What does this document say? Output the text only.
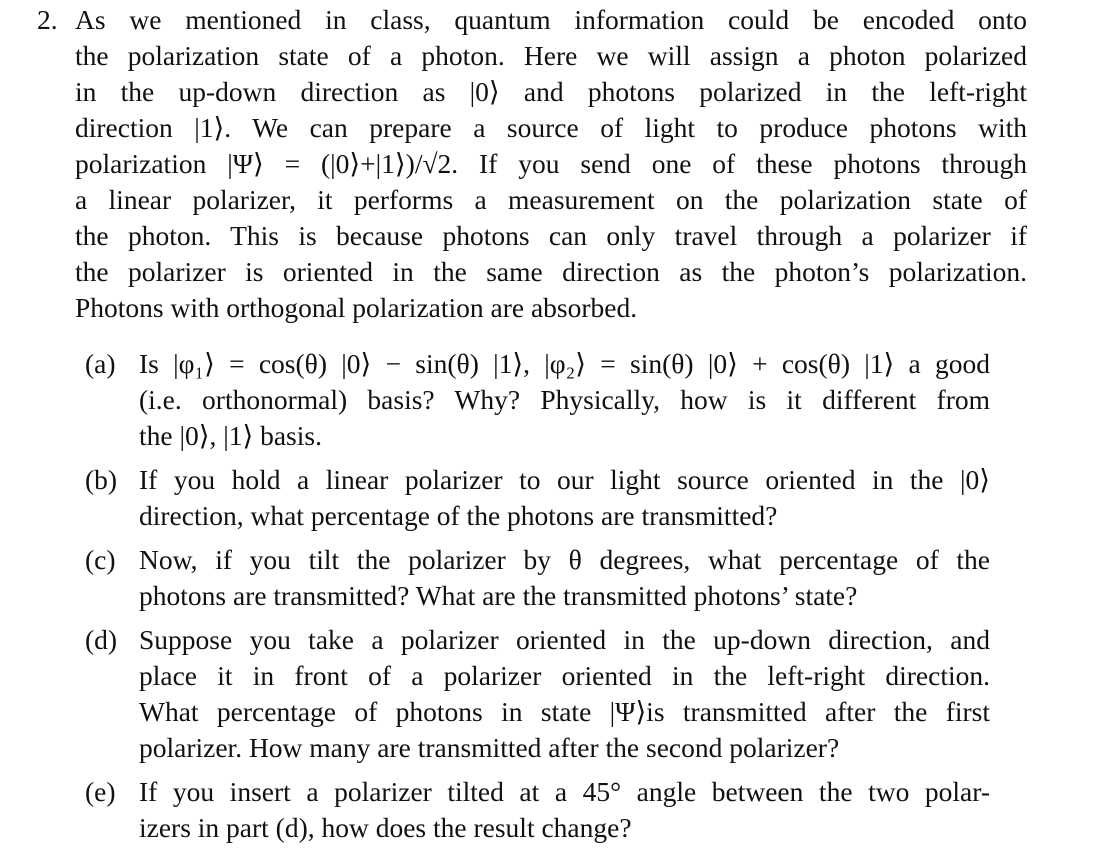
2. As we mentioned in class, quantum information could be encoded onto
the polarization state of a photon. Here we will assign a photon polarized
in the up-down direction as |0⟩ and photons polarized in the left-right
direction |1⟩. We can prepare a source of light to produce photons with
polarization |Ψ⟩ = (|0⟩+|1⟩)/√2. If you send one of these photons through
a linear polarizer, it performs a measurement on the polarization state of
the photon. This is because photons can only travel through a polarizer if
the polarizer is oriented in the same direction as the photon’s polarization.
Photons with orthogonal polarization are absorbed.
(a) Is |φ₁⟩ = cos(θ) |0⟩ − sin(θ) |1⟩, |φ₂⟩ = sin(θ) |0⟩ + cos(θ) |1⟩ a good
(i.e. orthonormal) basis? Why? Physically, how is it different from
the |0⟩, |1⟩ basis.
(b) If you hold a linear polarizer to our light source oriented in the |0⟩
direction, what percentage of the photons are transmitted?
(c) Now, if you tilt the polarizer by θ degrees, what percentage of the
photons are transmitted? What are the transmitted photons’ state?
(d) Suppose you take a polarizer oriented in the up-down direction, and
place it in front of a polarizer oriented in the left-right direction.
What percentage of photons in state |Ψ⟩is transmitted after the first
polarizer. How many are transmitted after the second polarizer?
(e) If you insert a polarizer tilted at a 45° angle between the two polar-
izers in part (d), how does the result change?
